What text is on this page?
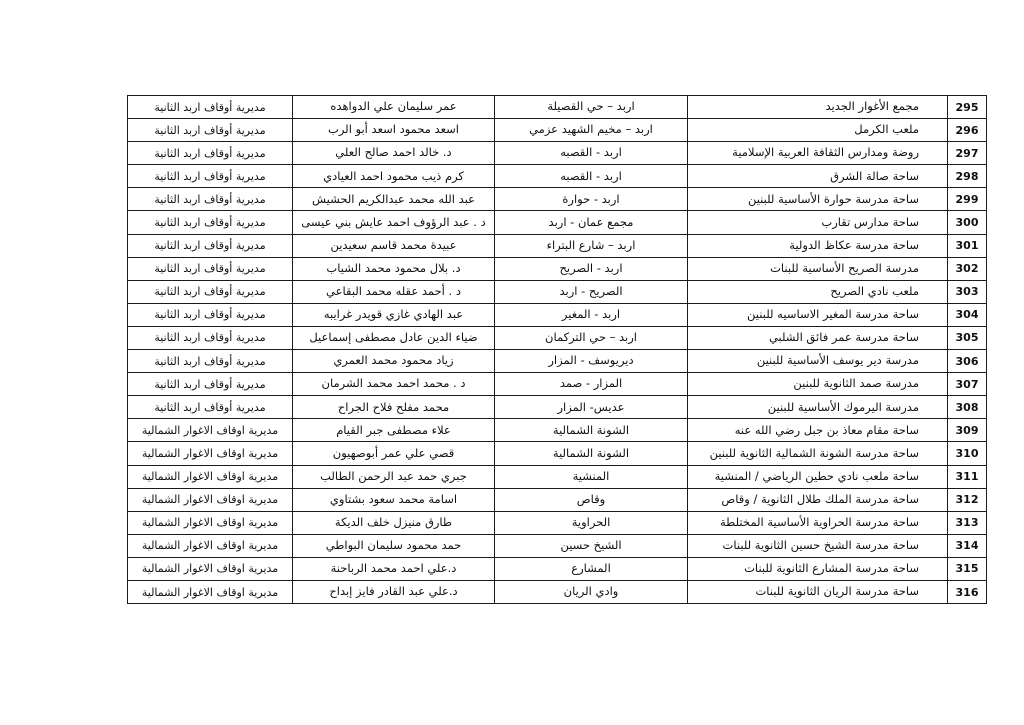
295	مجمع الأغوار الجديد	اربد – حي القصيلة	عمر سليمان علي الدواهده	مديرية أوقاف اربد الثانية
296	ملعب الكرمل	اربد – مخيم الشهيد عزمي	اسعد محمود اسعد أبو الرب	مديرية أوقاف اربد الثانية
297	روضة ومدارس الثقافة العربية الإسلامية	اربد - القصبه	د. خالد احمد صالح العلي	مديرية أوقاف اربد الثانية
298	ساحة صالة الشرق	اربد - القصبه	كرم ذيب محمود احمد العيادي	مديرية أوقاف اربد الثانية
299	ساحة مدرسة حوارة الأساسية للبنين	اربد - حوارة	عبد الله محمد عبدالكريم الحشيش	مديرية أوقاف اربد الثانية
300	ساحة مدارس تقارب	مجمع عمان - اربد	د . عبد الرؤوف احمد عايش بني عيسى	مديرية أوقاف اربد الثانية
301	ساحة مدرسة عكاظ الدولية	اربد – شارع البتراء	عبيدة محمد قاسم سعيدين	مديرية أوقاف اربد الثانية
302	مدرسة الصريح الأساسية للبنات	اربد - الصريح	د. بلال محمود محمد الشياب	مديرية أوقاف اربد الثانية
303	ملعب نادي الصريح	الصريح - اربد	د . أحمد عقله محمد البقاعي	مديرية أوقاف اربد الثانية
304	ساحة مدرسة المغير الاساسيه للبنين	اربد - المغير	عبد الهادي غازي قويدر غرايبه	مديرية أوقاف اربد الثانية
305	ساحة مدرسة عمر فائق الشلبي	اربد – حي التركمان	ضياء الدين عادل مصطفى إسماعيل	مديرية أوقاف اربد الثانية
306	مدرسة دير يوسف الأساسية للبنين	ديريوسف - المزار	زياد محمود محمد العمري	مديرية أوقاف اربد الثانية
307	مدرسة صمد الثانوية للبنين	المزار - صمد	د . محمد احمد محمد الشرمان	مديرية أوقاف اربد الثانية
308	مدرسة اليرموك الأساسية للبنين	عديس- المزار	محمد مفلح فلاح الجراح	مديرية أوقاف اربد الثانية
309	ساحة مقام معاذ بن جبل رضي الله عنه	الشونة الشمالية	علاء مصطفى جبر القيام	مديرية اوقاف الاغوار الشمالية
310	ساحة مدرسة الشونة الشمالية الثانوية للبنين	الشونة الشمالية	قصي علي عمر أبوصهيون	مديرية اوقاف الاغوار الشمالية
311	ساحة ملعب نادي حطين الرياضي / المنشية	المنشية	جبري حمد عبد الرحمن الطالب	مديرية اوقاف الاغوار الشمالية
312	ساحة مدرسة الملك طلال الثانوية / وقاص	وقاص	اسامة محمد سعود بشتاوي	مديرية اوقاف الاغوار الشمالية
313	ساحة مدرسة الحراوية الأساسية المختلطة	الحراوية	طارق منيزل خلف الديكة	مديرية اوقاف الاغوار الشمالية
314	ساحة مدرسة الشيخ حسين الثانوية للبنات	الشيخ حسين	حمد محمود سليمان البواطي	مديرية اوقاف الاغوار الشمالية
315	ساحة مدرسة المشارع الثانوية للبنات	المشارع	د.علي احمد محمد الرباحنة	مديرية اوقاف الاغوار الشمالية
316	ساحة مدرسة الريان الثانوية للبنات	وادي الريان	د.علي عبد القادر فايز إبداح	مديرية اوقاف الاغوار الشمالية
